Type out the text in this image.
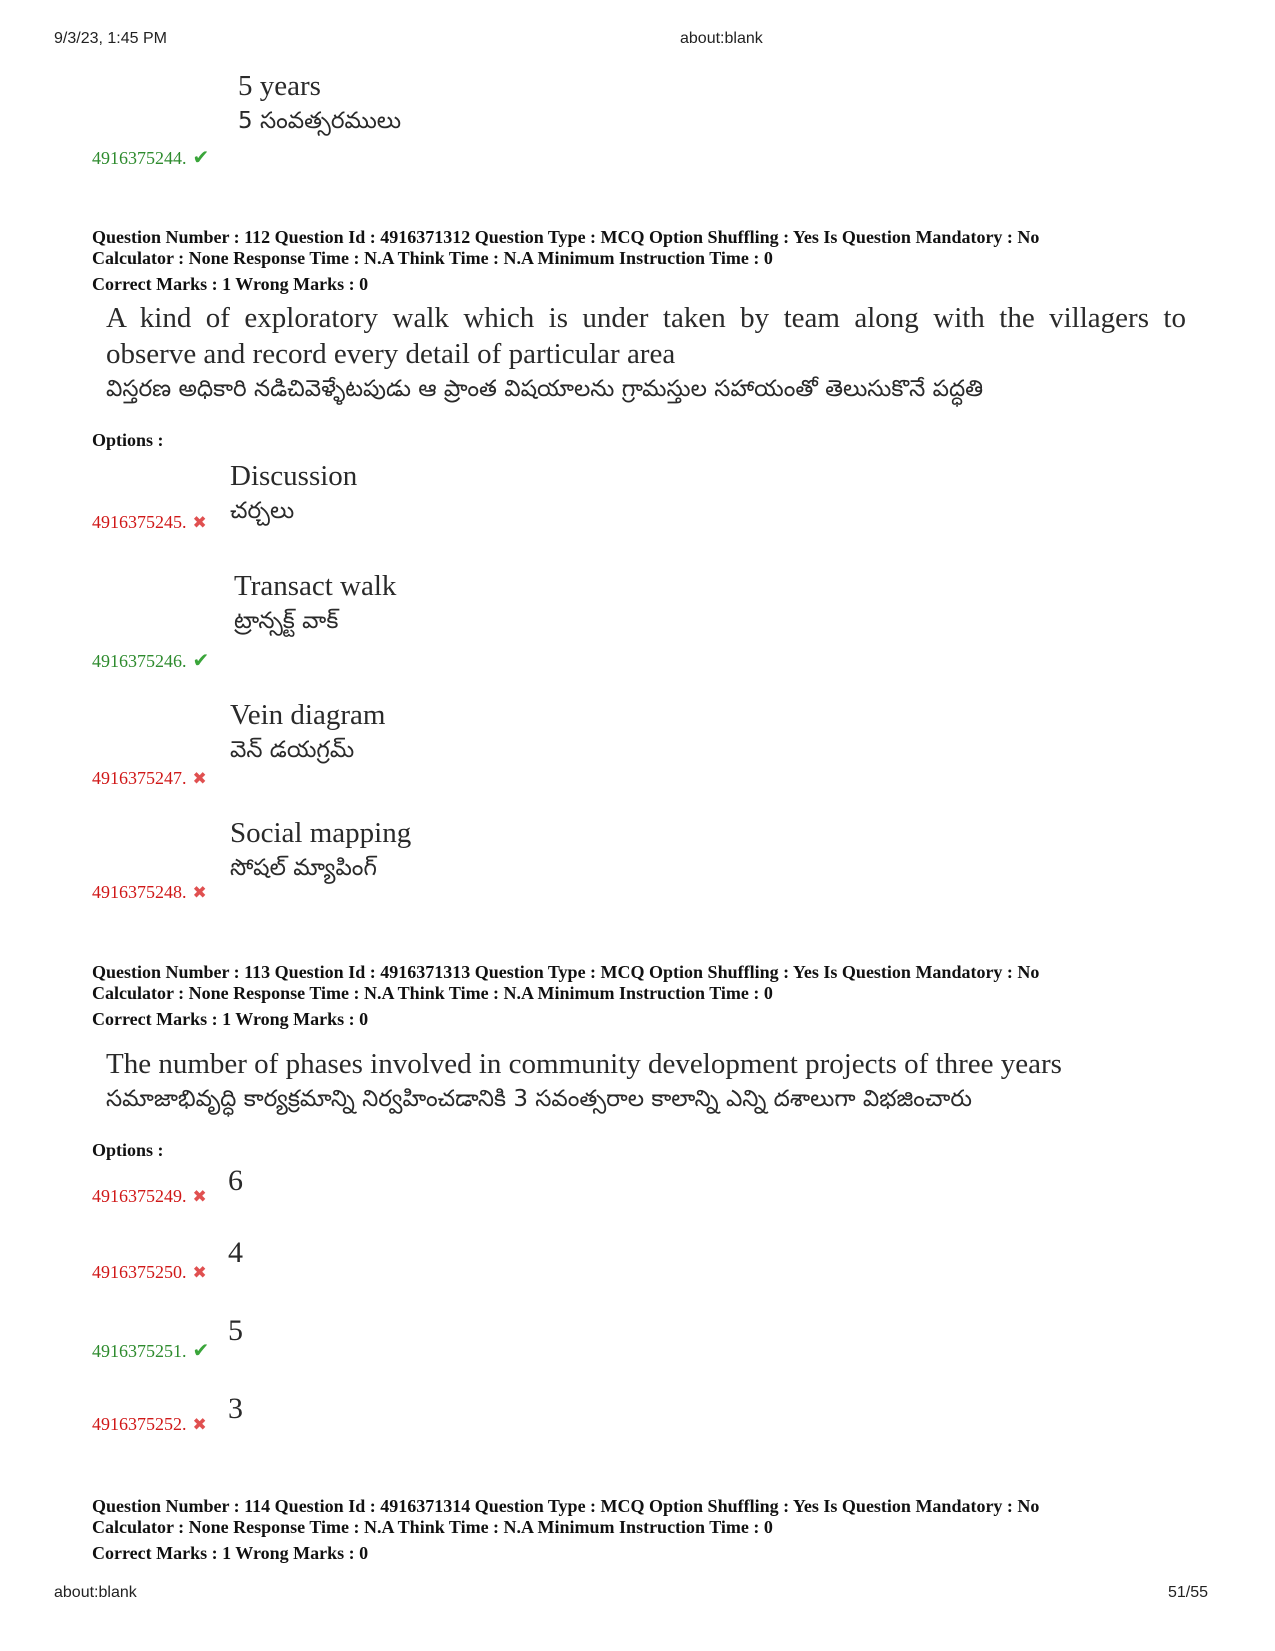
9/3/23, 1:45 PM	about:blank
5 years
5 సంవత్సరములు
4916375244. ✔
Question Number : 112 Question Id : 4916371312 Question Type : MCQ Option Shuffling : Yes Is Question Mandatory : No
Calculator : None Response Time : N.A Think Time : N.A Minimum Instruction Time : 0
Correct Marks : 1 Wrong Marks : 0
A kind of exploratory walk which is under taken by team along with the villagers to
observe and record every detail of particular area
విస్తరణ అధికారి నడిచివెళ్ళేటపుడు ఆ ప్రాంత విషయాలను గ్రామస్తుల సహాయంతో తెలుసుకొనే పద్ధతి
Options :
Discussion
చర్చలు
4916375245. ✖
Transact walk
ట్రాన్సక్ట్ వాక్
4916375246. ✔
Vein diagram
వెన్ డయగ్రమ్
4916375247. ✖
Social mapping
సోషల్ మ్యాపింగ్
4916375248. ✖
Question Number : 113 Question Id : 4916371313 Question Type : MCQ Option Shuffling : Yes Is Question Mandatory : No
Calculator : None Response Time : N.A Think Time : N.A Minimum Instruction Time : 0
Correct Marks : 1 Wrong Marks : 0
The number of phases involved in community development projects of three years
సమాజాభివృద్ధి కార్యక్రమాన్ని నిర్వహించడానికి 3 సవంత్సరాల కాలాన్ని ఎన్ని దశాలుగా విభజించారు
Options :
4916375249. ✖ 6
4916375250. ✖
4
4916375251. ✔
5
4916375252. ✖ 3
Question Number : 114 Question Id : 4916371314 Question Type : MCQ Option Shuffling : Yes Is Question Mandatory : No
Calculator : None Response Time : N.A Think Time : N.A Minimum Instruction Time : 0
Correct Marks : 1 Wrong Marks : 0
about:blank	51/55
